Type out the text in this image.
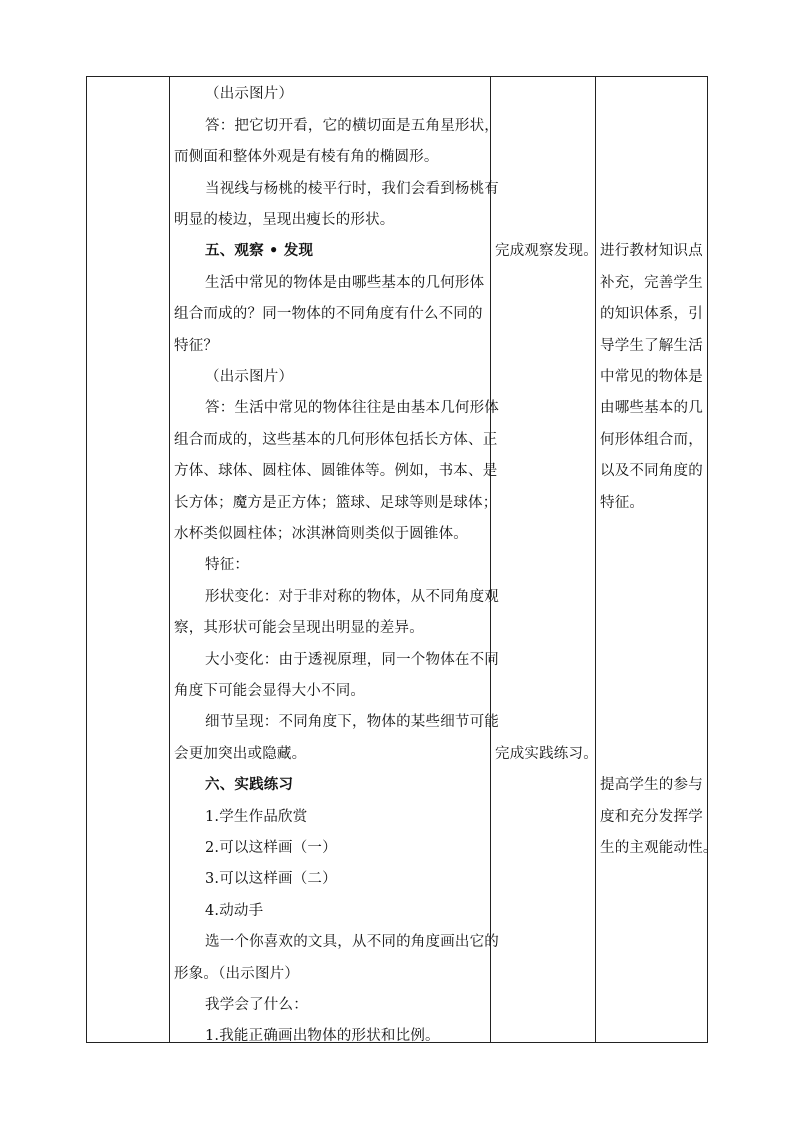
（出示图片）
答：把它切开看，它的横切面是五角星形状，
而侧面和整体外观是有棱有角的椭圆形。
当视线与杨桃的棱平行时，我们会看到杨桃有
明显的棱边，呈现出瘦长的形状。
五、观察 • 发现
生活中常见的物体是由哪些基本的几何形体
组合而成的？同一物体的不同角度有什么不同的
特征？
（出示图片）
答：生活中常见的物体往往是由基本几何形体
组合而成的，这些基本的几何形体包括长方体、正
方体、球体、圆柱体、圆锥体等。例如，书本、是
长方体；魔方是正方体；篮球、足球等则是球体；
水杯类似圆柱体；冰淇淋筒则类似于圆锥体。
特征：
形状变化：对于非对称的物体，从不同角度观
察，其形状可能会呈现出明显的差异。
大小变化：由于透视原理，同一个物体在不同
角度下可能会显得大小不同。
细节呈现：不同角度下，物体的某些细节可能
会更加突出或隐藏。
六、实践练习
1.学生作品欣赏
2.可以这样画（一）
3.可以这样画（二）
4.动动手
选一个你喜欢的文具，从不同的角度画出它的
形象。（出示图片）
我学会了什么：
1.我能正确画出物体的形状和比例。
完成观察发现。
完成实践练习。
进行教材知识点
补充，完善学生
的知识体系，引
导学生了解生活
中常见的物体是
由哪些基本的几
何形体组合而，
以及不同角度的
特征。
提高学生的参与
度和充分发挥学
生的主观能动性。
